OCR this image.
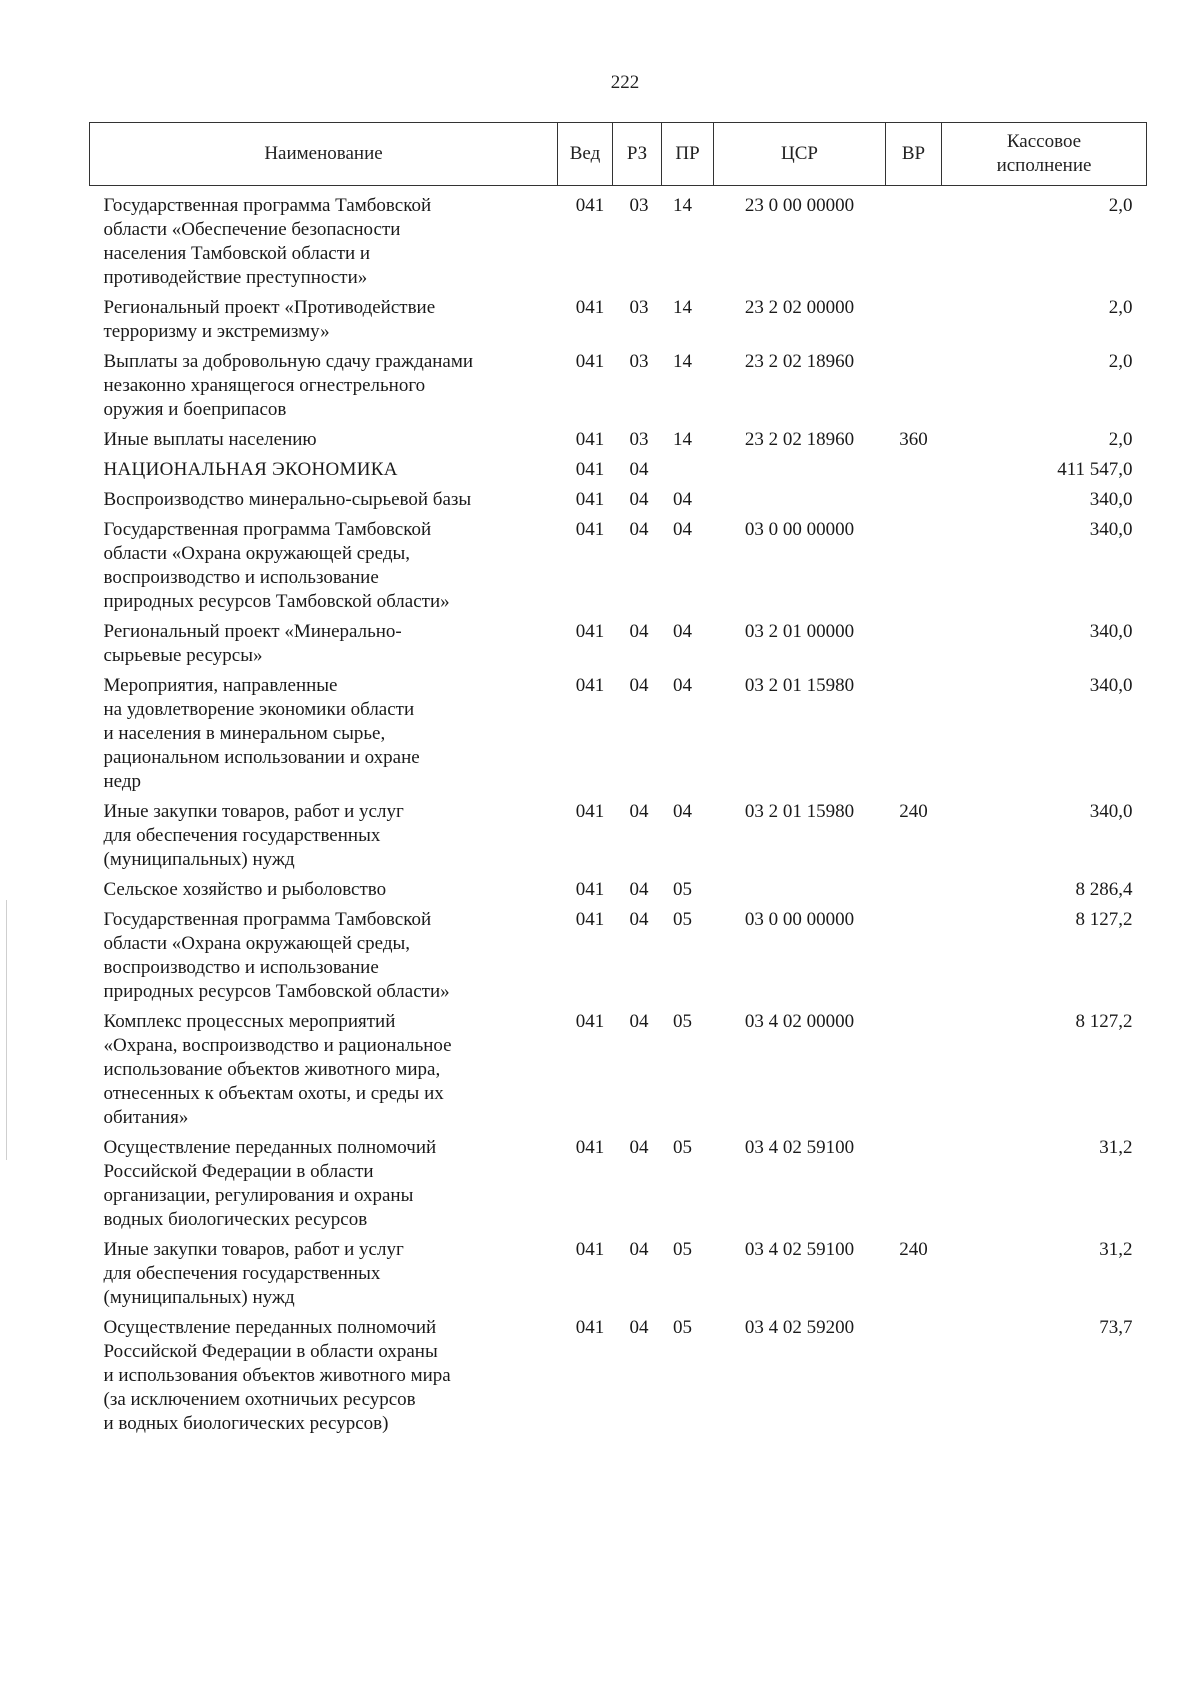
222
Наименование	Вед	РЗ	ПР	ЦСР	ВР	Кассовое
исполнение

Государственная программа Тамбовской
области «Обеспечение безопасности
населения Тамбовской области и
противодействие преступности»	041	03	14	23 0 00 00000		2,0

Региональный проект «Противодействие
терроризму и экстремизму»	041	03	14	23 2 02 00000		2,0

Выплаты за добровольную сдачу гражданами
незаконно хранящегося огнестрельного
оружия и боеприпасов	041	03	14	23 2 02 18960		2,0

Иные выплаты населению	041	03	14	23 2 02 18960	360	2,0

НАЦИОНАЛЬНАЯ ЭКОНОМИКА	041	04				411 547,0

Воспроизводство минерально-сырьевой базы	041	04	04			340,0

Государственная программа Тамбовской
области «Охрана окружающей среды,
воспроизводство и использование
природных ресурсов Тамбовской области»	041	04	04	03 0 00 00000		340,0

Региональный проект «Минерально-
сырьевые ресурсы»	041	04	04	03 2 01 00000		340,0

Мероприятия, направленные
на удовлетворение экономики области
и населения в минеральном сырье,
рациональном использовании и охране
недр	041	04	04	03 2 01 15980		340,0

Иные закупки товаров, работ и услуг
для обеспечения государственных
(муниципальных) нужд	041	04	04	03 2 01 15980	240	340,0

Сельское хозяйство и рыболовство	041	04	05			8 286,4

Государственная программа Тамбовской
области «Охрана окружающей среды,
воспроизводство и использование
природных ресурсов Тамбовской области»	041	04	05	03 0 00 00000		8 127,2

Комплекс процессных мероприятий
«Охрана, воспроизводство и рациональное
использование объектов животного мира,
отнесенных к объектам охоты, и среды их
обитания»	041	04	05	03 4 02 00000		8 127,2

Осуществление переданных полномочий
Российской Федерации в области
организации, регулирования и охраны
водных биологических ресурсов	041	04	05	03 4 02 59100		31,2

Иные закупки товаров, работ и услуг
для обеспечения государственных
(муниципальных) нужд	041	04	05	03 4 02 59100	240	31,2

Осуществление переданных полномочий
Российской Федерации в области охраны
и использования объектов животного мира
(за исключением охотничьих ресурсов
и водных биологических ресурсов)	041	04	05	03 4 02 59200		73,7
